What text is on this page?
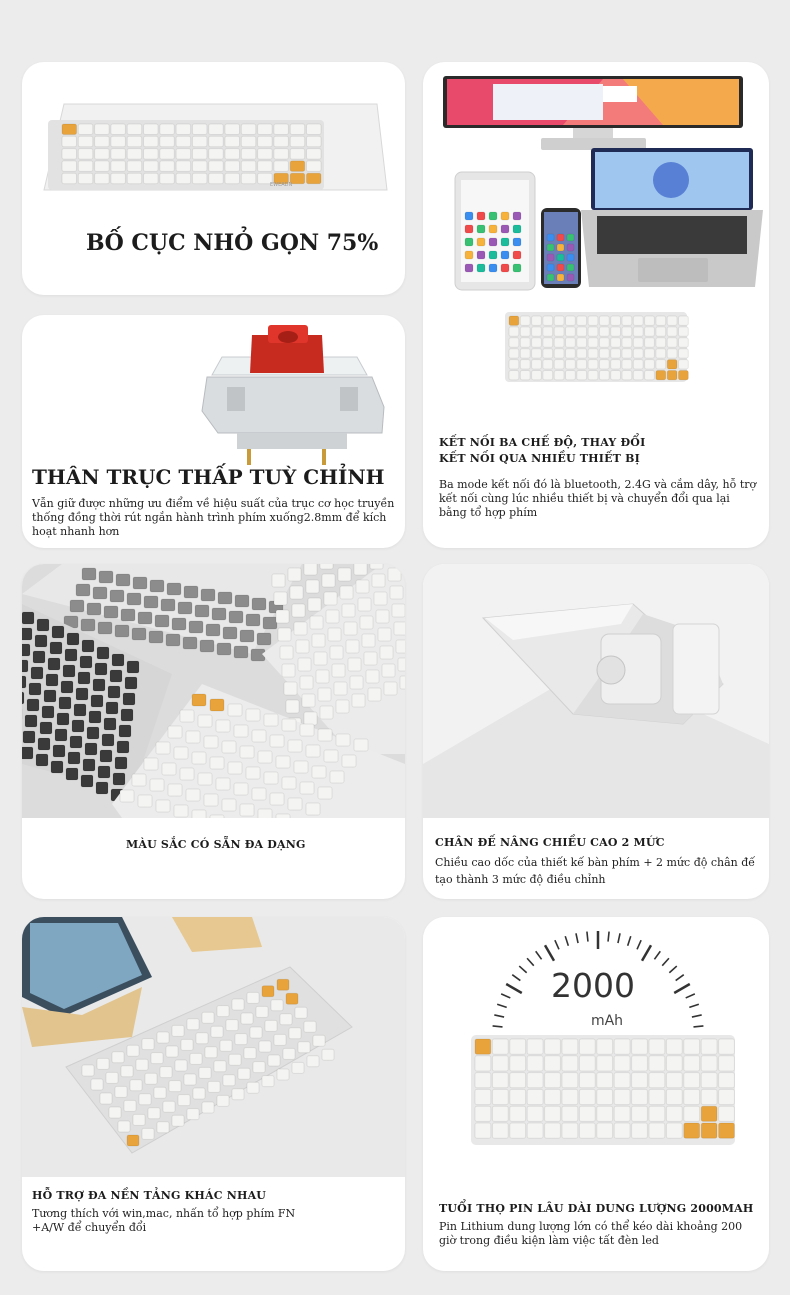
EWEADN

BỐ CỤC NHỎ GỌN 75%

KẾT NỐI BA CHẾ ĐỘ, THAY ĐỔI

KẾT NỐI QUA NHIỀU THIẾT BỊ

Ba mode kết nối đó là bluetooth, 2.4G và cắm dây, hỗ trợ kết nối cùng lúc nhiều thiết bị và chuyển đổi qua lại bằng tổ hợp phím

THÂN TRỤC THẤP TUỲ CHỈNH

Vẫn giữ được những ưu điểm về hiệu suất của trục cơ học truyền thống đồng thời rút ngắn hành trình phím xuống2.8mm để kích hoạt nhanh hơn

MÀU SẮC CÓ SẴN ĐA DẠNG	CHÂN ĐẾ NÂNG CHIỀU CAO 2 MỨC

Chiều cao dốc của thiết kế bàn phím + 2 mức độ chân đế tạo thành 3 mức độ điều chỉnh

HỖ TRỢ ĐA NỀN TẢNG KHÁC NHAU

Tương thích với win,mac, nhấn tổ hợp phím FN +A/W để chuyển đổi

2000
mAh

TUỔI THỌ PIN LÂU DÀI DUNG LƯỢNG 2000MAH

Pin Lithium dung lượng lớn có thể kéo dài khoảng 200 giờ trong điều kiện làm việc tất đèn led
